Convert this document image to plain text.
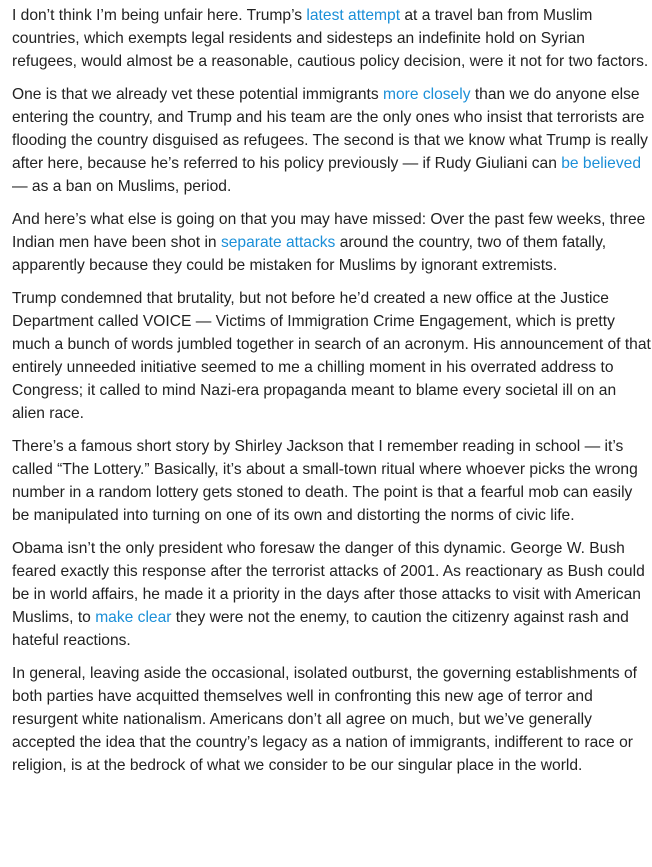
I don’t think I’m being unfair here. Trump’s latest attempt at a travel ban from Muslim countries, which exempts legal residents and sidesteps an indefinite hold on Syrian refugees, would almost be a reasonable, cautious policy decision, were it not for two factors.

One is that we already vet these potential immigrants more closely than we do anyone else entering the country, and Trump and his team are the only ones who insist that terrorists are flooding the country disguised as refugees. The second is that we know what Trump is really after here, because he’s referred to his policy previously — if Rudy Giuliani can be believed — as a ban on Muslims, period.

And here’s what else is going on that you may have missed: Over the past few weeks, three Indian men have been shot in separate attacks around the country, two of them fatally, apparently because they could be mistaken for Muslims by ignorant extremists.

Trump condemned that brutality, but not before he’d created a new office at the Justice Department called VOICE — Victims of Immigration Crime Engagement, which is pretty much a bunch of words jumbled together in search of an acronym. His announcement of that entirely unneeded initiative seemed to me a chilling moment in his overrated address to Congress; it called to mind Nazi-era propaganda meant to blame every societal ill on an alien race.

There’s a famous short story by Shirley Jackson that I remember reading in school — it’s called “The Lottery.” Basically, it’s about a small-town ritual where whoever picks the wrong number in a random lottery gets stoned to death. The point is that a fearful mob can easily be manipulated into turning on one of its own and distorting the norms of civic life.

Obama isn’t the only president who foresaw the danger of this dynamic. George W. Bush feared exactly this response after the terrorist attacks of 2001. As reactionary as Bush could be in world affairs, he made it a priority in the days after those attacks to visit with American Muslims, to make clear they were not the enemy, to caution the citizenry against rash and hateful reactions.

In general, leaving aside the occasional, isolated outburst, the governing establishments of both parties have acquitted themselves well in confronting this new age of terror and resurgent white nationalism. Americans don’t all agree on much, but we’ve generally accepted the idea that the country’s legacy as a nation of immigrants, indifferent to race or religion, is at the bedrock of what we consider to be our singular place in the world.
